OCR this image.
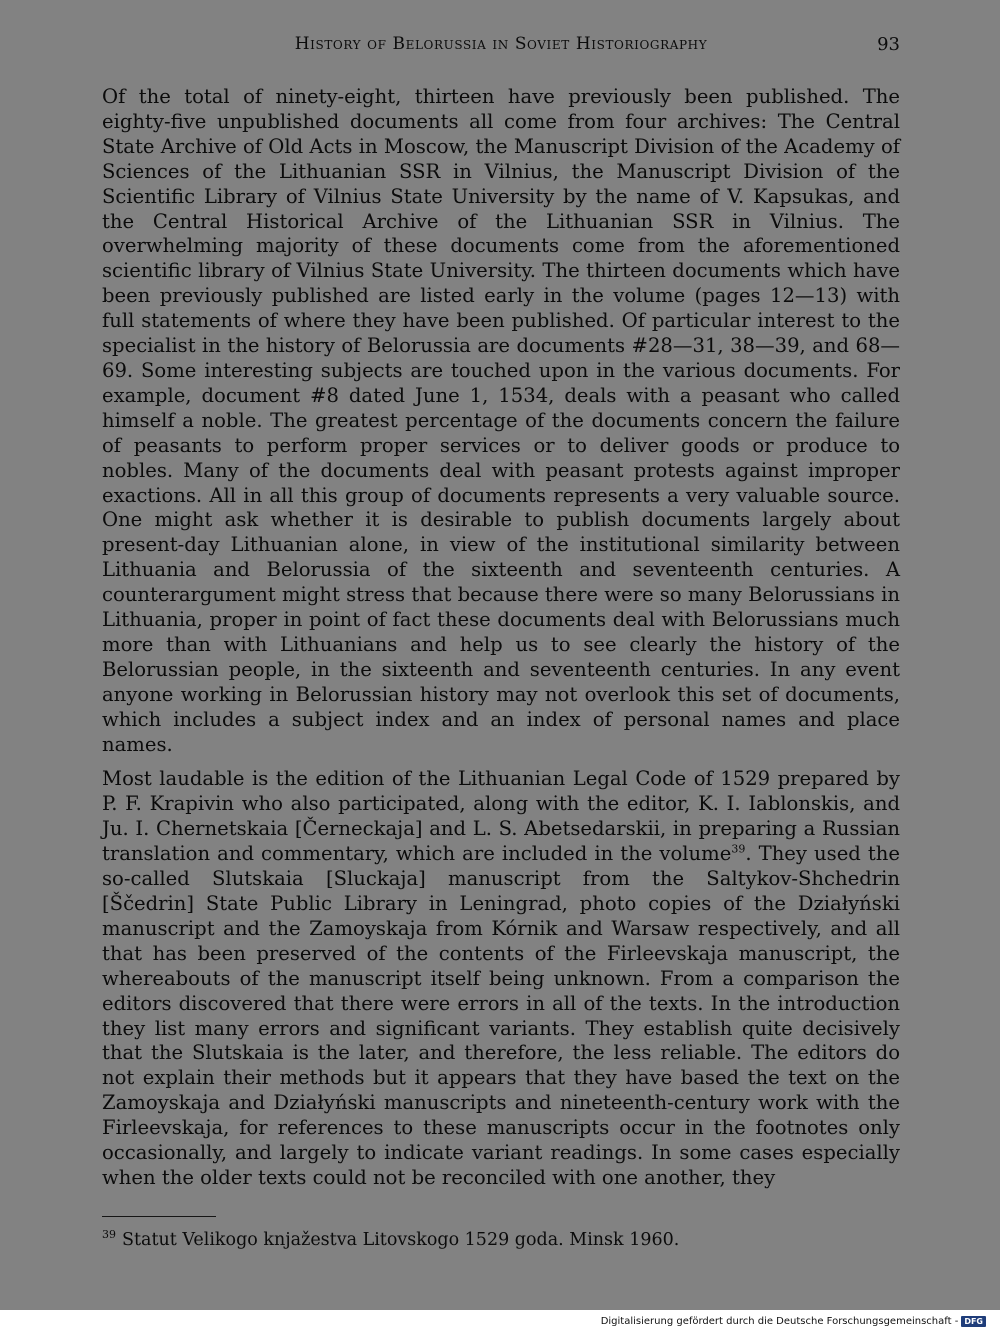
History of Belorussia in Soviet Historiography	93

Of the total of ninety-eight, thirteen have previously been published. The eighty-five unpublished documents all come from four archives: The Central State Archive of Old Acts in Moscow, the Manuscript Division of the Academy of Sciences of the Lithuanian SSR in Vilnius, the Manuscript Division of the Scientific Library of Vilnius State University by the name of V. Kapsukas, and the Central Historical Archive of the Lithuanian SSR in Vilnius. The overwhelming majority of these documents come from the aforementioned scientific library of Vilnius State University. The thirteen documents which have been previously published are listed early in the volume (pages 12—13) with full statements of where they have been published. Of particular interest to the specialist in the history of Belorussia are documents #28—31, 38—39, and 68—69. Some interesting subjects are touched upon in the various documents. For example, document #8 dated June 1, 1534, deals with a peasant who called himself a noble. The greatest percentage of the documents concern the failure of peasants to perform proper services or to deliver goods or produce to nobles. Many of the documents deal with peasant protests against improper exactions. All in all this group of documents represents a very valuable source. One might ask whether it is desirable to publish documents largely about present-day Lithuanian alone, in view of the institutional similarity between Lithuania and Belorussia of the sixteenth and seventeenth centuries. A counterargument might stress that because there were so many Belorussians in Lithuania, proper in point of fact these documents deal with Belorussians much more than with Lithuanians and help us to see clearly the history of the Belorussian people, in the sixteenth and seventeenth centuries. In any event anyone working in Belorussian history may not overlook this set of documents, which includes a subject index and an index of personal names and place names.

Most laudable is the edition of the Lithuanian Legal Code of 1529 prepared by P. F. Krapivin who also participated, along with the editor, K. I. Iablonskis, and Ju. I. Chernetskaia [Černeckaja] and L. S. Abetsedarskii, in preparing a Russian translation and commentary, which are included in the volume$^{39}$. They used the so-called Slutskaia [Sluckaja] manuscript from the Saltykov-Shchedrin [Ščedrin] State Public Library in Leningrad, photo copies of the Działyński manuscript and the Zamoyskaja from Kórnik and Warsaw respectively, and all that has been preserved of the contents of the Firleevskaja manuscript, the whereabouts of the manuscript itself being unknown. From a comparison the editors discovered that there were errors in all of the texts. In the introduction they list many errors and significant variants. They establish quite decisively that the Slutskaia is the later, and therefore, the less reliable. The editors do not explain their methods but it appears that they have based the text on the Zamoyskaja and Działyński manuscripts and nineteenth-century work with the Firleevskaja, for references to these manuscripts occur in the footnotes only occasionally, and largely to indicate variant readings. In some cases especially when the older texts could not be reconciled with one another, they

$^{39}$ Statut Velikogo knjažestva Litovskogo 1529 goda. Minsk 1960.
Digitalisierung gefördert durch die Deutsche Forschungsgemeinschaft - DFG
